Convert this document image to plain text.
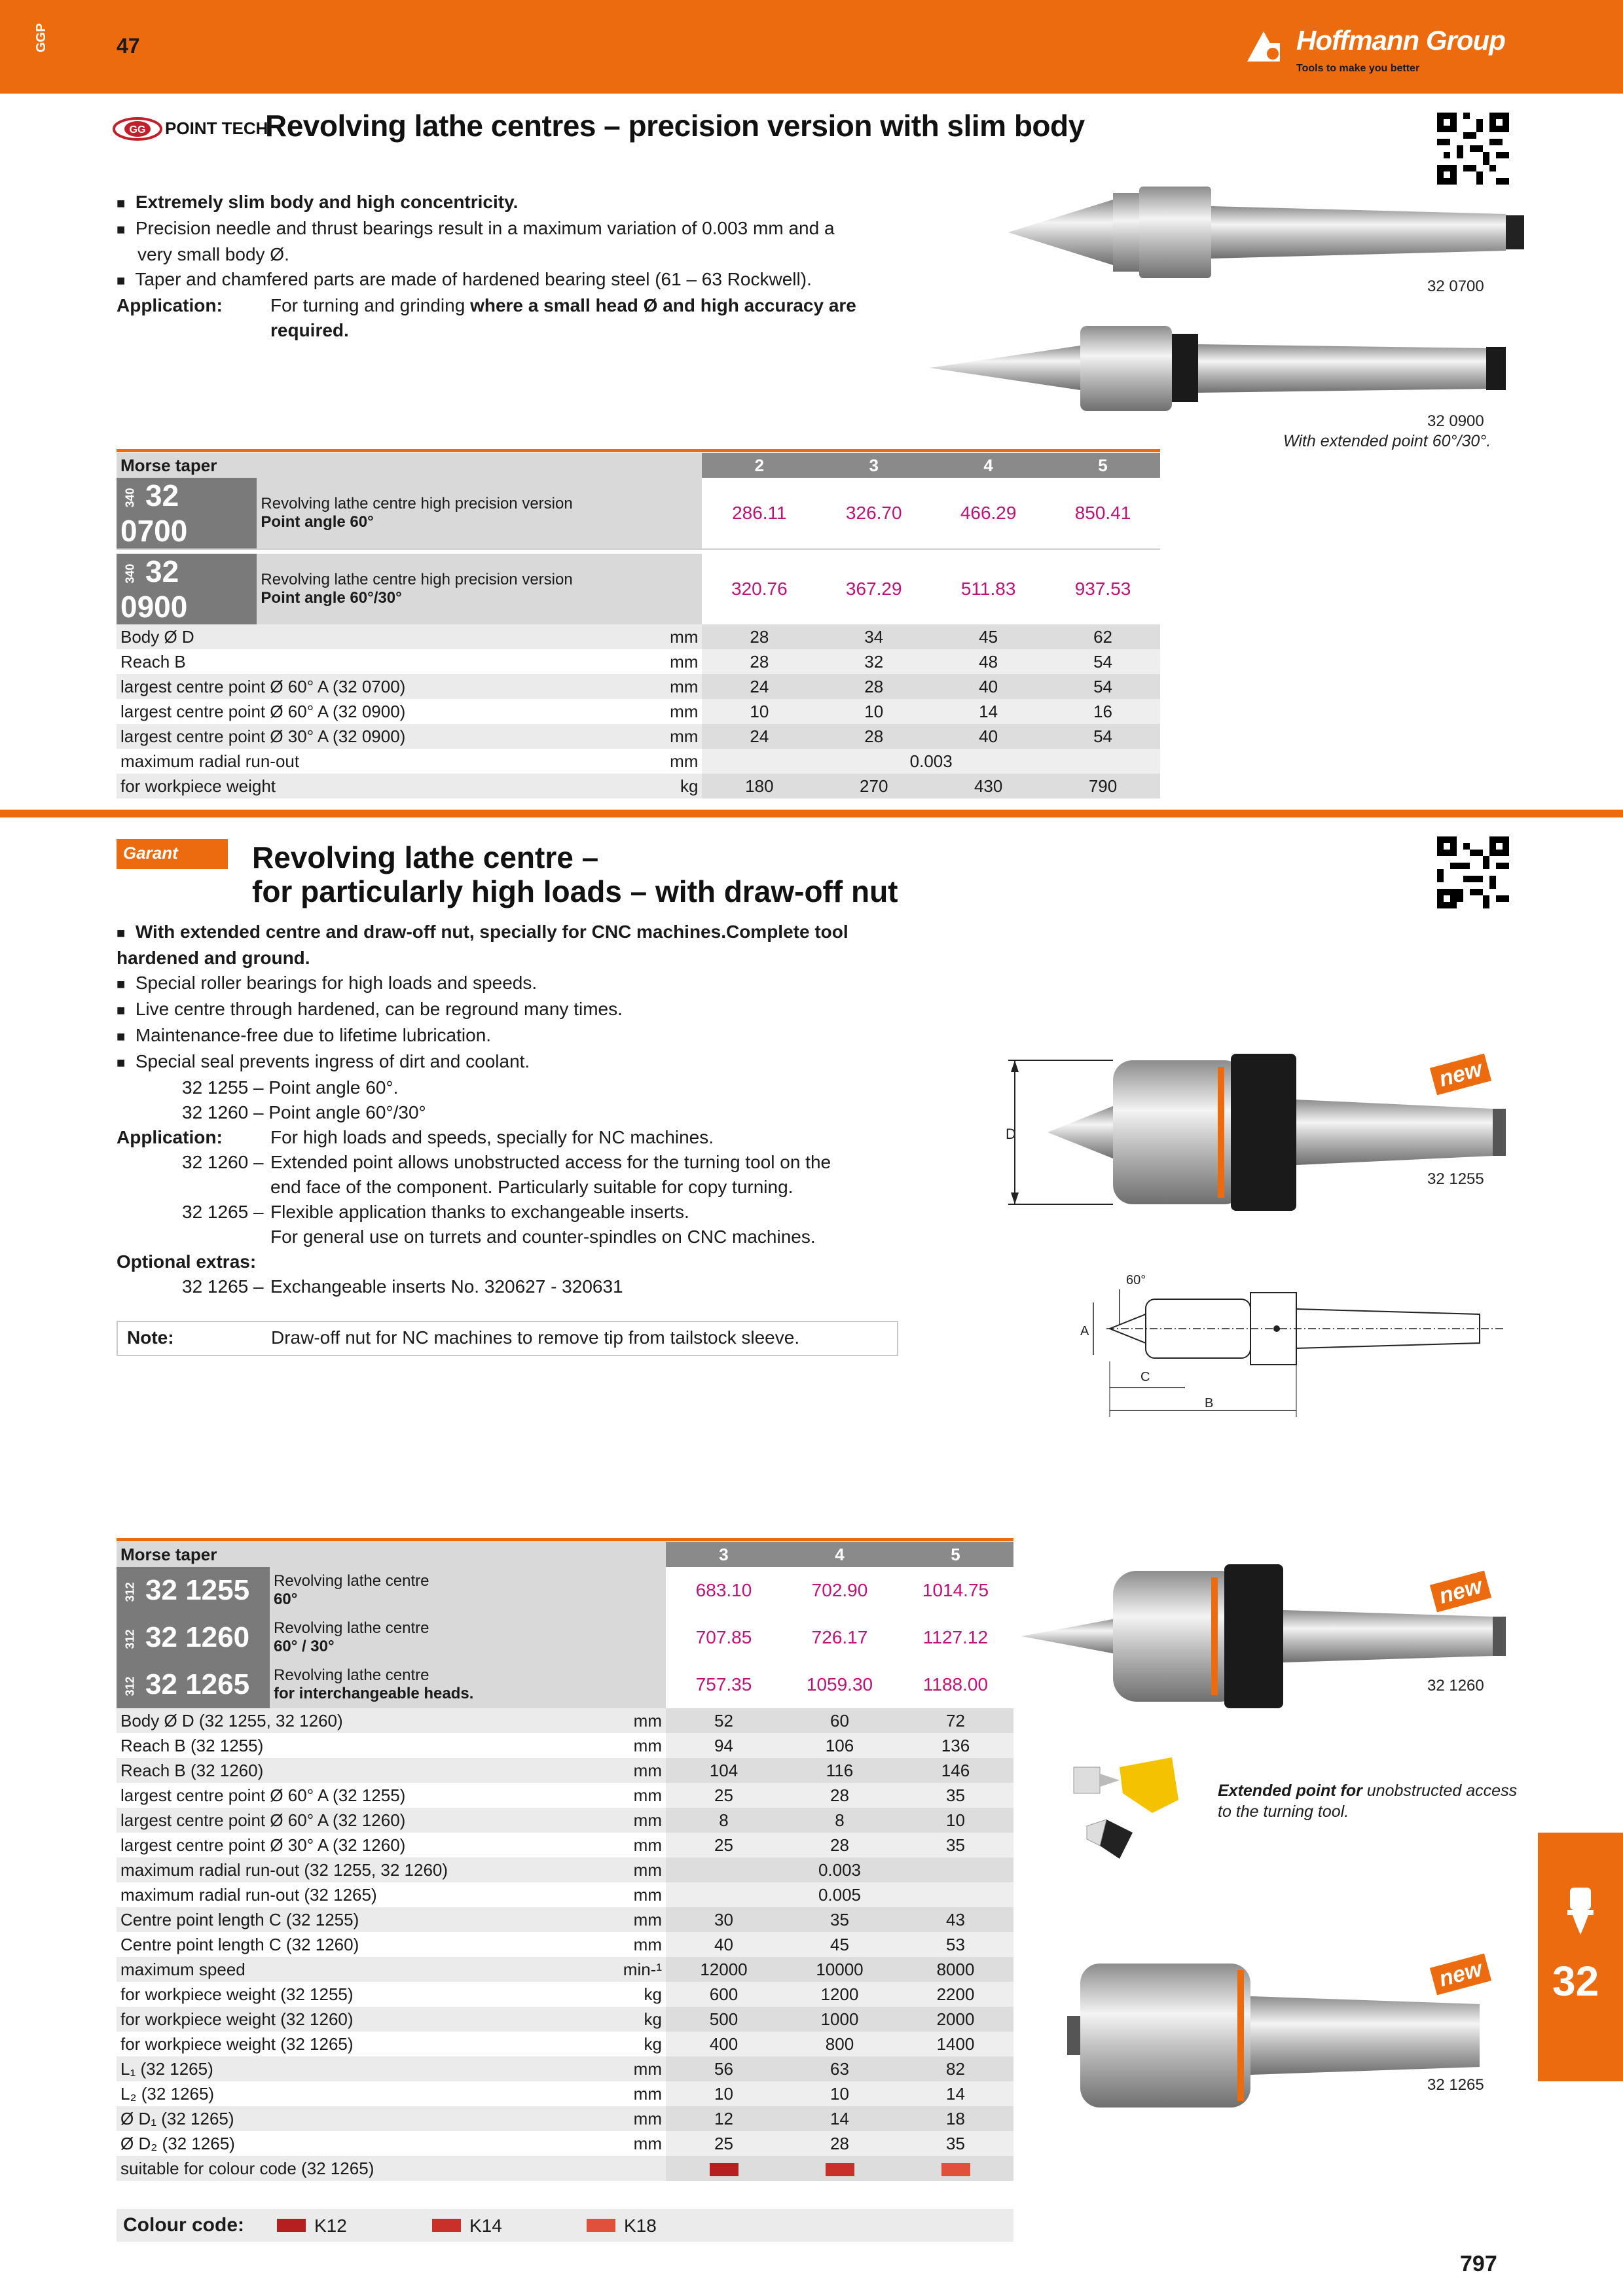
GGP	47	Hoffmann Group
Tools to make you better
GG POINT TECH
Revolving lathe centres – precision version with slim body
■ Extremely slim body and high concentricity.
■ Precision needle and thrust bearings result in a maximum variation of 0.003 mm and a
very small body Ø.
■ Taper and chamfered parts are made of hardened bearing steel (61 – 63 Rockwell).
Application:	For turning and grinding where a small head Ø and high accuracy are
required.
32 0700
32 0900
With extended point 60°/30°.
Morse taper		2	3	4	5
340 32 0700	Revolving lathe centre high precision version
Point angle 60°	286.11	326.70	466.29	850.41

340 32 0900	Revolving lathe centre high precision version
Point angle 60°/30°	320.76	367.29	511.83	937.53

Body Ø D mm		28	34	45	62

Reach B mm		28	32	48	54

largest centre point Ø 60° A (32 0700) mm		24	28	40	54

largest centre point Ø 60° A (32 0900) mm		10	10	14	16

largest centre point Ø 30° A (32 0900) mm		24	28	40	54

maximum radial run-out mm		0.003			

for workpiece weight kg		180	270	430	790
Garant Revolving lathe centre –
for particularly high loads – with draw-off nut
■ With extended centre and draw-off nut, specially for CNC machines.Complete tool
hardened and ground.
■ Special roller bearings for high loads and speeds.
■ Live centre through hardened, can be reground many times.
■ Maintenance-free due to lifetime lubrication.
■ Special seal prevents ingress of dirt and coolant.
32 1255 – Point angle 60°.
32 1260 – Point angle 60°/30°
Application:	For high loads and speeds, specially for NC machines.
32 1260 – Extended point allows unobstructed access for the turning tool on the
end face of the component. Particularly suitable for copy turning.
32 1265 – Flexible application thanks to exchangeable inserts.
For general use on turrets and counter-spindles on CNC machines.
Optional extras:
32 1265 – Exchangeable inserts No. 320627 - 320631
Note:	Draw-off nut for NC machines to remove tip from tailstock sleeve.
D
new
32 1255
60°
A
C
B
new
32 1260
Extended point for unobstructed access to the turning tool.
new
32 1265
Morse taper		3	4	5
312 32 1255	Revolving lathe centre
60°	683.10	702.90	1014.75
312 32 1260	Revolving lathe centre
60° / 30°	707.85	726.17	1127.12
312 32 1265	Revolving lathe centre
for interchangeable heads.	757.35	1059.30	1188.00

Body Ø D (32 1255, 32 1260) mm		52	60	72

Reach B (32 1255) mm		94	106	136

Reach B (32 1260) mm		104	116	146

largest centre point Ø 60° A (32 1255) mm		25	28	35

largest centre point Ø 60° A (32 1260) mm		8	8	10

largest centre point Ø 30° A (32 1260) mm		25	28	35

maximum radial run-out (32 1255, 32 1260) mm		0.003		

maximum radial run-out (32 1265) mm		0.005		

Centre point length C (32 1255) mm		30	35	43

Centre point length C (32 1260) mm		40	45	53

maximum speed min-¹		12000	10000	8000

for workpiece weight (32 1255) kg		600	1200	2200

for workpiece weight (32 1260) kg		500	1000	2000

for workpiece weight (32 1265) kg		400	800	1400

L₁ (32 1265) mm		56	63	82

L₂ (32 1265) mm		10	10	14

Ø D₁ (32 1265) mm		12	14	18

Ø D₂ (32 1265) mm		25	28	35

suitable for colour code (32 1265)				

Colour code:	K12	K14	K18
32
797
